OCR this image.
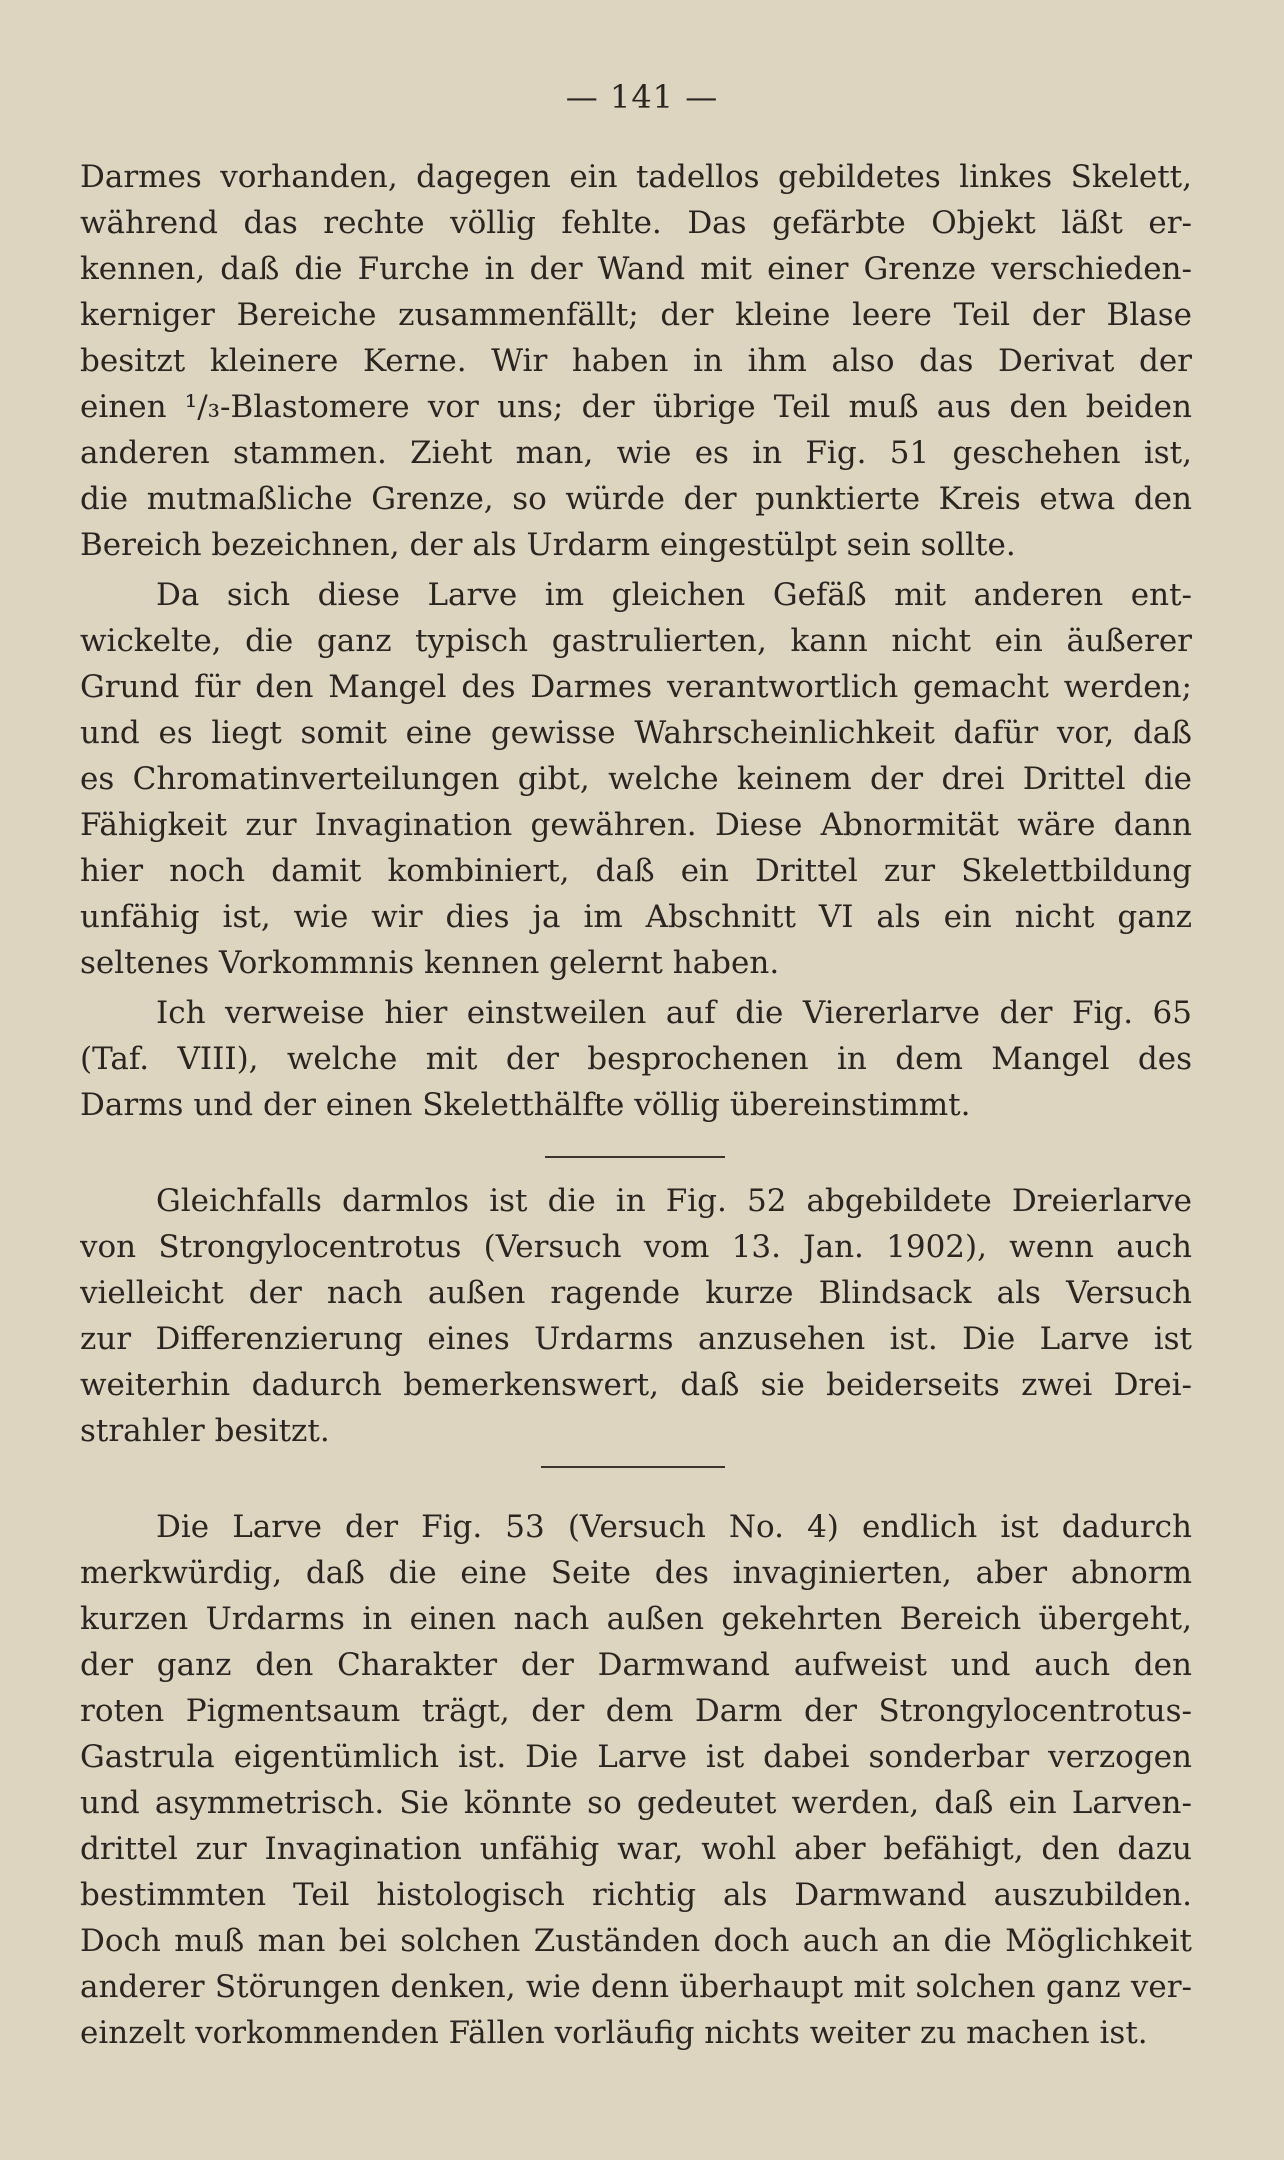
— 141 —
Darmes vorhanden, dagegen ein tadellos gebildetes linkes Skelett,
während das rechte völlig fehlte. Das gefärbte Objekt läßt er-
kennen, daß die Furche in der Wand mit einer Grenze verschieden-
kerniger Bereiche zusammenfällt; der kleine leere Teil der Blase
besitzt kleinere Kerne. Wir haben in ihm also das Derivat der
einen ¹/₃-Blastomere vor uns; der übrige Teil muß aus den beiden
anderen stammen. Zieht man, wie es in Fig. 51 geschehen ist,
die mutmaßliche Grenze, so würde der punktierte Kreis etwa den
Bereich bezeichnen, der als Urdarm eingestülpt sein sollte.
Da sich diese Larve im gleichen Gefäß mit anderen ent-
wickelte, die ganz typisch gastrulierten, kann nicht ein äußerer
Grund für den Mangel des Darmes verantwortlich gemacht werden;
und es liegt somit eine gewisse Wahrscheinlichkeit dafür vor, daß
es Chromatinverteilungen gibt, welche keinem der drei Drittel die
Fähigkeit zur Invagination gewähren. Diese Abnormität wäre dann
hier noch damit kombiniert, daß ein Drittel zur Skelettbildung
unfähig ist, wie wir dies ja im Abschnitt VI als ein nicht ganz
seltenes Vorkommnis kennen gelernt haben.
Ich verweise hier einstweilen auf die Viererlarve der Fig. 65
(Taf. VIII), welche mit der besprochenen in dem Mangel des
Darms und der einen Skeletthälfte völlig übereinstimmt.
Gleichfalls darmlos ist die in Fig. 52 abgebildete Dreierlarve
von Strongylocentrotus (Versuch vom 13. Jan. 1902), wenn auch
vielleicht der nach außen ragende kurze Blindsack als Versuch
zur Differenzierung eines Urdarms anzusehen ist. Die Larve ist
weiterhin dadurch bemerkenswert, daß sie beiderseits zwei Drei-
strahler besitzt.
Die Larve der Fig. 53 (Versuch No. 4) endlich ist dadurch
merkwürdig, daß die eine Seite des invaginierten, aber abnorm
kurzen Urdarms in einen nach außen gekehrten Bereich übergeht,
der ganz den Charakter der Darmwand aufweist und auch den
roten Pigmentsaum trägt, der dem Darm der Strongylocentrotus-
Gastrula eigentümlich ist. Die Larve ist dabei sonderbar verzogen
und asymmetrisch. Sie könnte so gedeutet werden, daß ein Larven-
drittel zur Invagination unfähig war, wohl aber befähigt, den dazu
bestimmten Teil histologisch richtig als Darmwand auszubilden.
Doch muß man bei solchen Zuständen doch auch an die Möglichkeit
anderer Störungen denken, wie denn überhaupt mit solchen ganz ver-
einzelt vorkommenden Fällen vorläufig nichts weiter zu machen ist.
